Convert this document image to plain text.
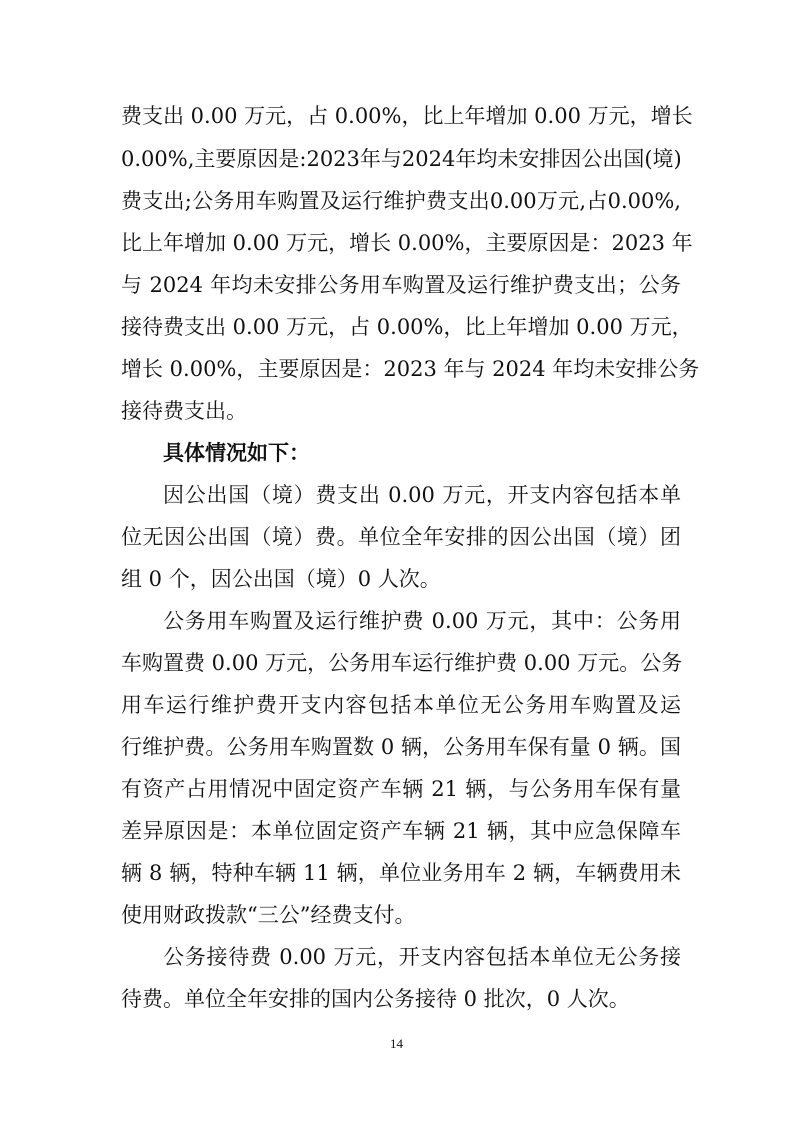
费支出 0.00 万元，占 0.00%，比上年增加 0.00 万元，增长
0.00%,主要原因是:2023年与2024年均未安排因公出国(境)
费支出;公务用车购置及运行维护费支出0.00万元,占0.00%,
比上年增加 0.00 万元，增长 0.00%，主要原因是：2023 年
与 2024 年均未安排公务用车购置及运行维护费支出；公务
接待费支出 0.00 万元，占 0.00%，比上年增加 0.00 万元，
增长 0.00%，主要原因是：2023 年与 2024 年均未安排公务
接待费支出。
具体情况如下：
因公出国（境）费支出 0.00 万元，开支内容包括本单
位无因公出国（境）费。单位全年安排的因公出国（境）团
组 0 个，因公出国（境）0 人次。
公务用车购置及运行维护费 0.00 万元，其中：公务用
车购置费 0.00 万元，公务用车运行维护费 0.00 万元。公务
用车运行维护费开支内容包括本单位无公务用车购置及运
行维护费。公务用车购置数 0 辆，公务用车保有量 0 辆。国
有资产占用情况中固定资产车辆 21 辆，与公务用车保有量
差异原因是：本单位固定资产车辆 21 辆，其中应急保障车
辆 8 辆，特种车辆 11 辆，单位业务用车 2 辆，车辆费用未
使用财政拨款“三公”经费支付。
公务接待费 0.00 万元，开支内容包括本单位无公务接
待费。单位全年安排的国内公务接待 0 批次，0 人次。
14
